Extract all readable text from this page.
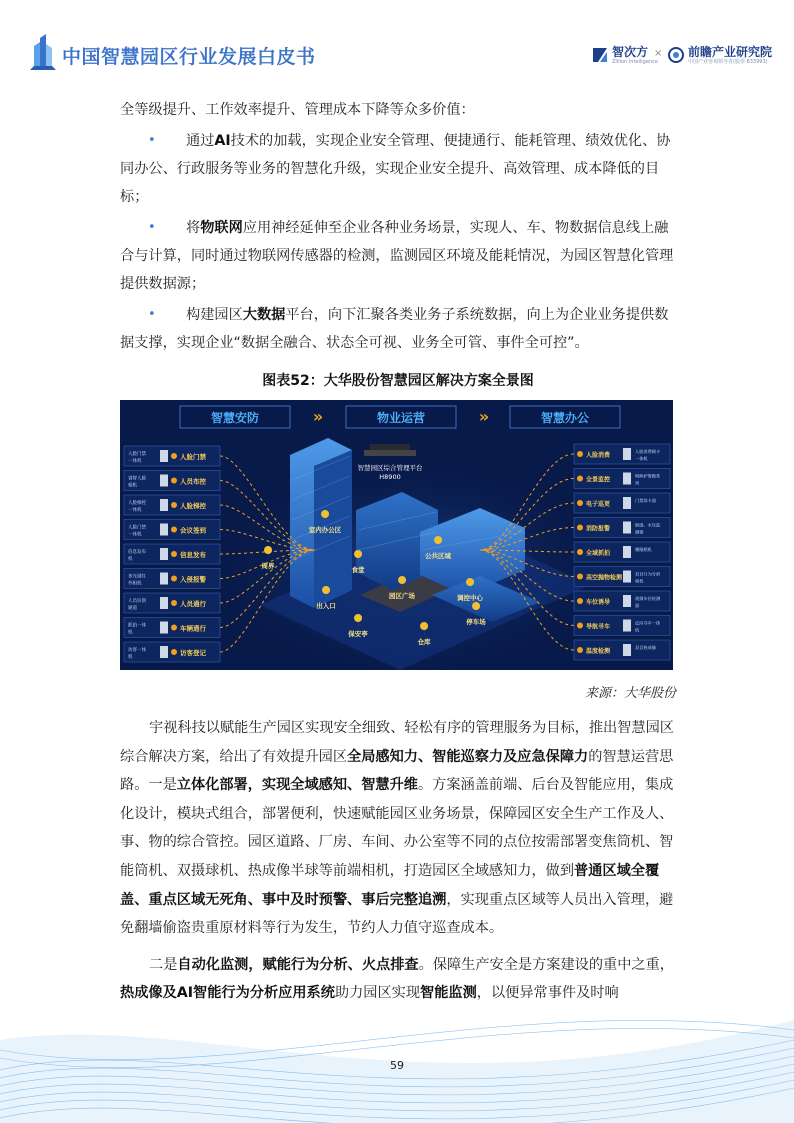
中国智慧园区行业发展白皮书	智次方
Zillion Intelligence
× 前瞻产业研究院
中国产业咨询领导者(股票 833993)

全等级提升、工作效率提升、管理成本下降等众多价值：

• 通过AI技术的加载，实现企业安全管理、便捷通行、能耗管理、绩效优化、协同办公、行政服务等业务的智慧化升级，实现企业安全提升、高效管理、成本降低的目标；

• 将物联网应用神经延伸至企业各种业务场景，实现人、车、物数据信息线上融合与计算，同时通过物联网传感器的检测，监测园区环境及能耗情况，为园区智慧化管理提供数据源；

• 构建园区大数据平台，向下汇聚各类业务子系统数据，向上为企业业务提供数据支撑，实现企业“数据全融合、状态全可视、业务全可管、事件全可控”。

图表52：大华股份智慧园区解决方案全景图
智慧安防	»	物业运营	»	智慧办公
智慧园区综合管理平台
H8900
人脸门禁
一体机
人脸门禁
睿智人脸
相机
人员布控
人脸梯控
一体机
人脸梯控
人脸门禁
一体机
会议签到
信息发布
机
信息发布
多光谱红
外相机
入侵报警
人员识别
通道
人员通行
抓拍一体
机
车辆通行
访客一体
机
访客登记
人脸消费
人脸消费刷卡
一体机
全景监控
明眸护警摄系
列
电子巡更
门禁读卡器
消防报警
烟感、水压监
测器
全域抓拍
鹰眼相机
高空抛物检测
双目行为分析
相机
车位诱导
视频车位检测
器
导航寻车
反向寻车一体
机
温度检测
双目热成像
室内办公区
周界	食堂
公共区域
园区广场	调控中心
停车场
出入口
保安亭
仓库
来源：大华股份

宇视科技以赋能生产园区实现安全细致、轻松有序的管理服务为目标，推出智慧园区综合解决方案，给出了有效提升园区全局感知力、智能巡察力及应急保障力的智慧运营思路。一是立体化部署，实现全域感知、智慧升维。方案涵盖前端、后台及智能应用，集成化设计，模块式组合，部署便利，快速赋能园区业务场景，保障园区安全生产工作及人、事、物的综合管控。园区道路、厂房、车间、办公室等不同的点位按需部署变焦筒机、智能筒机、双摄球机、热成像半球等前端相机，打造园区全域感知力，做到普通区域全覆盖、重点区域无死角、事中及时预警、事后完整追溯，实现重点区域等人员出入管理，避免翻墙偷盗贵重原材料等行为发生，节约人力值守巡查成本。

二是自动化监测，赋能行为分析、火点排查。保障生产安全是方案建设的重中之重，热成像及AI智能行为分析应用系统助力园区实现智能监测，以便异常事件及时响

59
